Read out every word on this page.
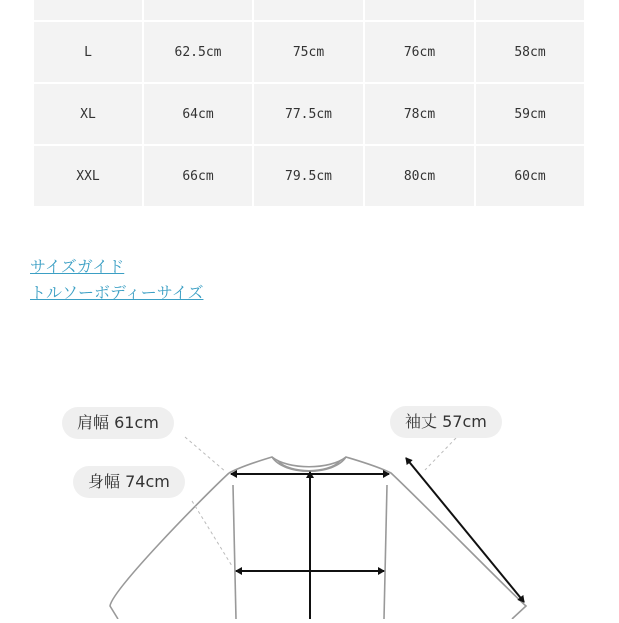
L	62.5cm	75cm	76cm	58cm
XL	64cm	77.5cm	78cm	59cm
XXL	66cm	79.5cm	80cm	60cm
サイズガイド
トルソーボディーサイズ
肩幅 61cm
身幅 74cm
袖丈 57cm
